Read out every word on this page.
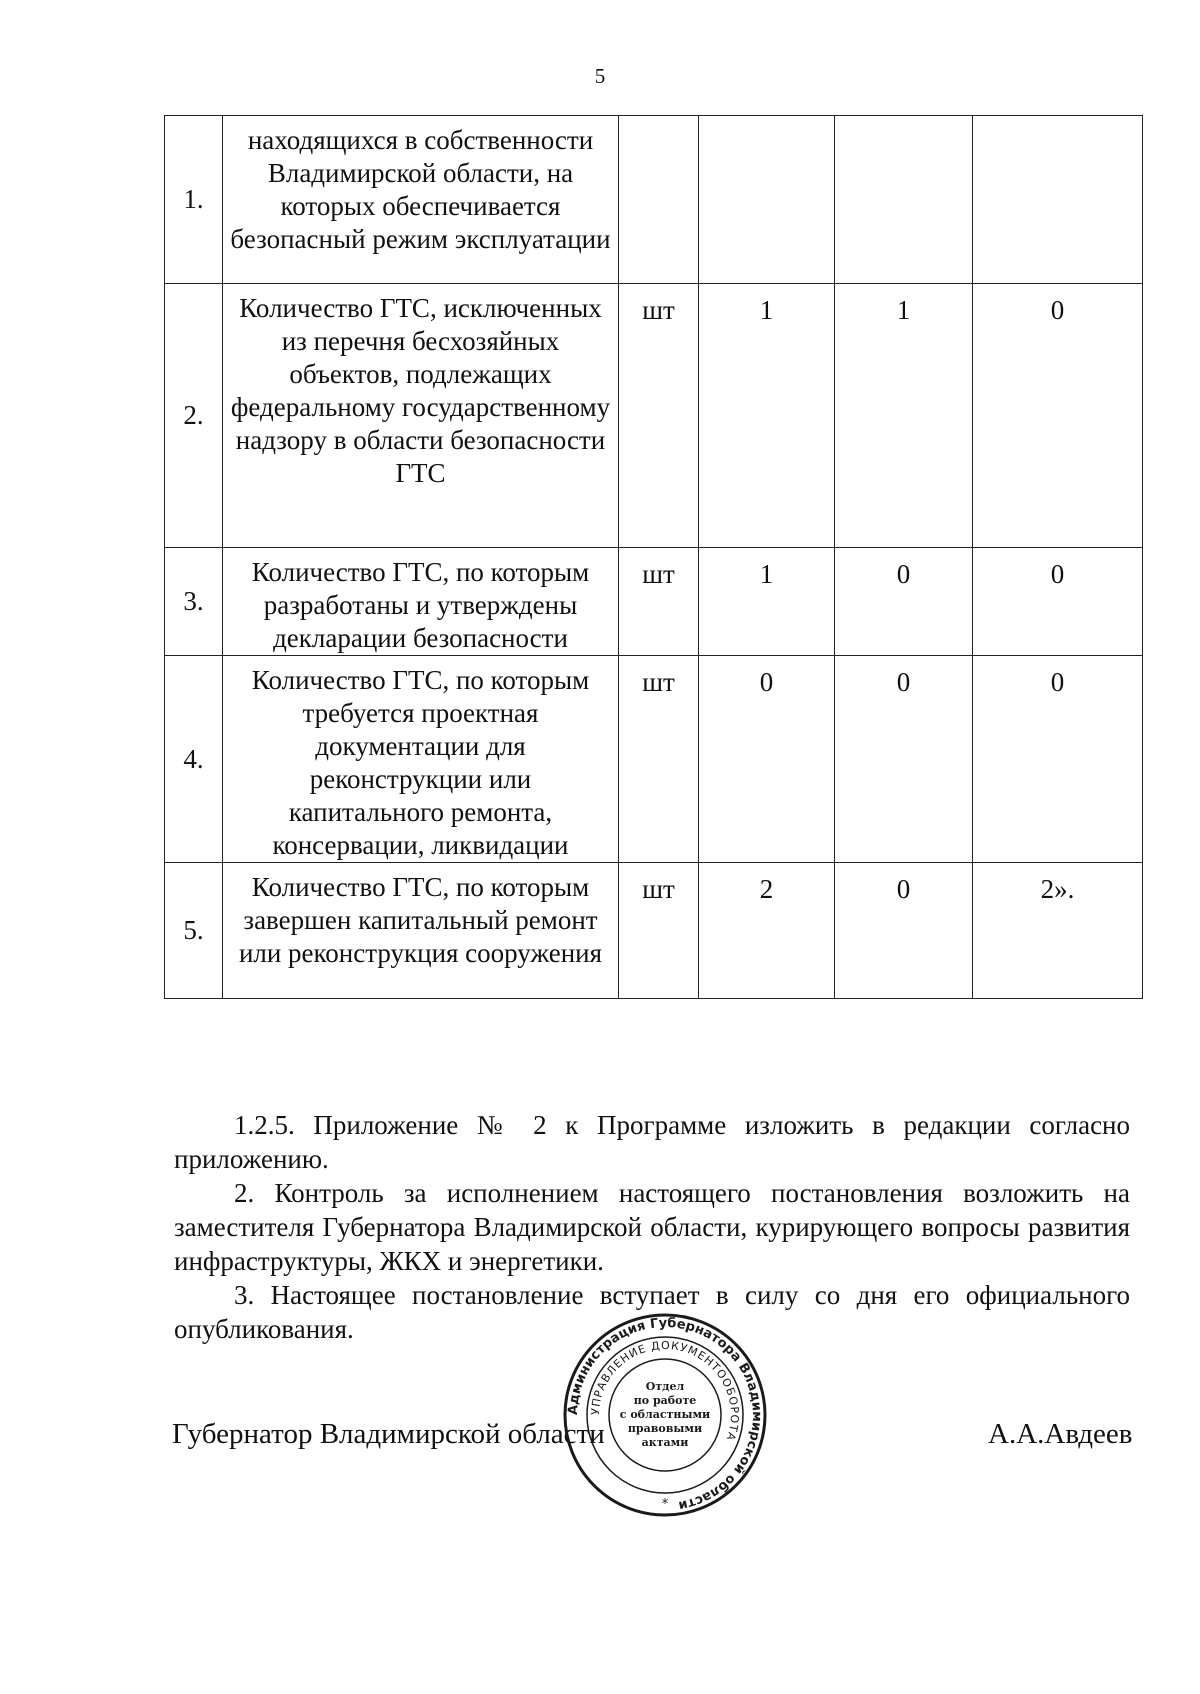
5
1.	находящихся в собственности Владимирской области, на которых обеспечивается безопасный режим эксплуатации				
2.	Количество ГТС, исключенных из перечня бесхозяйных объектов, подлежащих федеральному государственному надзору в области безопасности ГТС	шт	1	1	0
3.	Количество ГТС, по которым разработаны и утверждены декларации безопасности	шт	1	0	0
4.	Количество ГТС, по которым требуется проектная документации для реконструкции или капитального ремонта, консервации, ликвидации	шт	0	0	0
5.	Количество ГТС, по которым завершен капитальный ремонт или реконструкция сооружения	шт	2	0	2».

1.2.5. Приложение № 2 к Программе изложить в редакции согласно приложению.

2. Контроль за исполнением настоящего постановления возложить на заместителя Губернатора Владимирской области, курирующего вопросы развития инфраструктуры, ЖКХ и энергетики.

3. Настоящее постановление вступает в силу со дня его официального опубликования.

Губернатор Владимирской области
Администрация Губернатора Владимирской области
УПРАВЛЕНИЕ ДОКУМЕНТООБОРОТА
Отдел
по работе
с областными
правовыми
актами
*
А.А.Авдеев
